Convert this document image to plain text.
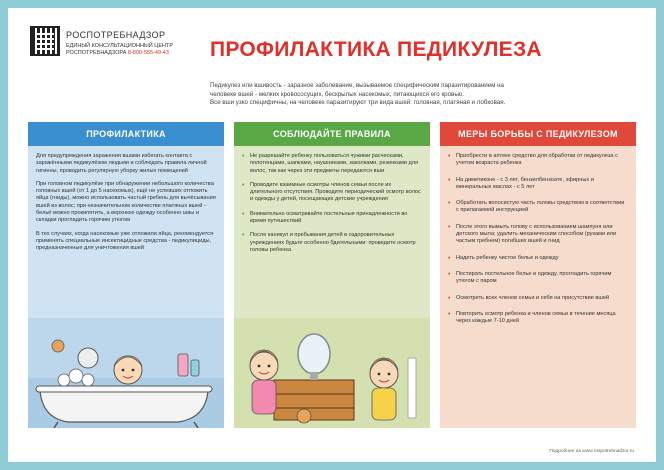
РОСПОТРЕБНАДЗОР
ЕДИНЫЙ КОНСУЛЬТАЦИОННЫЙ ЦЕНТР
РОСПОТРЕБНАДЗОРА 8-800-555-49-43	ПРОФИЛАКТИКА ПЕДИКУЛЕЗА
Педикулез или вшивость - заразное заболевание, вызываемое специфическим паразитированием на
человеке вшей - мелких кровососущих, бескрылых насекомых, питающихся его кровью.
Все вши узко специфичны, на человеке паразитируют три вида вшей: головная, платяная и лобковая.
ПРОФИЛАКТИКА

Для предупреждения заражения вшами избегать контакта с заражёнными педикулёзом людьми и соблюдать правила личной гигиены, проводить регулярную уборку жилых помещений

При головном педикулёзе при обнаружении небольшого количества головных вшей (от 1 до 5 насекомых), ещё не успевших отложить яйца (гниды), можно использовать частый гребень для вычёсывания вшей из волос; при незначительном количестве платяных вшей - бельё можно прокипятить, а верхнюю одежду особенно швы и складки прогладить горячим утюгом

В тех случаях, когда насекомые уже отложили яйца, рекомендуется применять специальные инсектицидные средства - педикулициды, предназначенные для уничтожения вшей

СОБЛЮДАЙТЕ ПРАВИЛА

• Не разрешайте ребенку пользоваться чужими расческами, полотенцами, шапками, наушниками, заколками, резинками для волос, так как через эти предметы передаются вши

• Проводите взаимные осмотры членов семьи после их длительного отсутствия. Проводите периодический осмотр волос и одежды у детей, посещающих детские учреждения

• Внимательно осматривайте постельные принадлежности во время путешествий

• После каникул и пребывания детей в оздоровительных учреждениях будьте особенно бдительными: проведите осмотр головы ребенка

МЕРЫ БОРЬБЫ С ПЕДИКУЛЕЗОМ

• Приобрести в аптеке средство для обработки от педикулеза с учетом возраста ребенка

• На диметиконе - с 3 лет, бензилбензоате, эфирных и минеральных маслах - с 5 лет

• Обработать волосистую часть головы средством в соответствии с прилагаемой инструкцией

• После этого вымыть голову с использованием шампуня или детского мыла; удалить механическим способом (руками или частым гребнем) погибших вшей и гнид

• Надеть ребенку чистое белье и одежду

• Постирать постельное белье и одежду, прогладить горячим утюгом с паром

• Осмотреть всех членов семьи и себя на присутствие вшей

• Повторить осмотр ребенка и членов семьи в течение месяца через каждые 7-10 дней

Подробнее на www.rospotrebnadzor.ru
